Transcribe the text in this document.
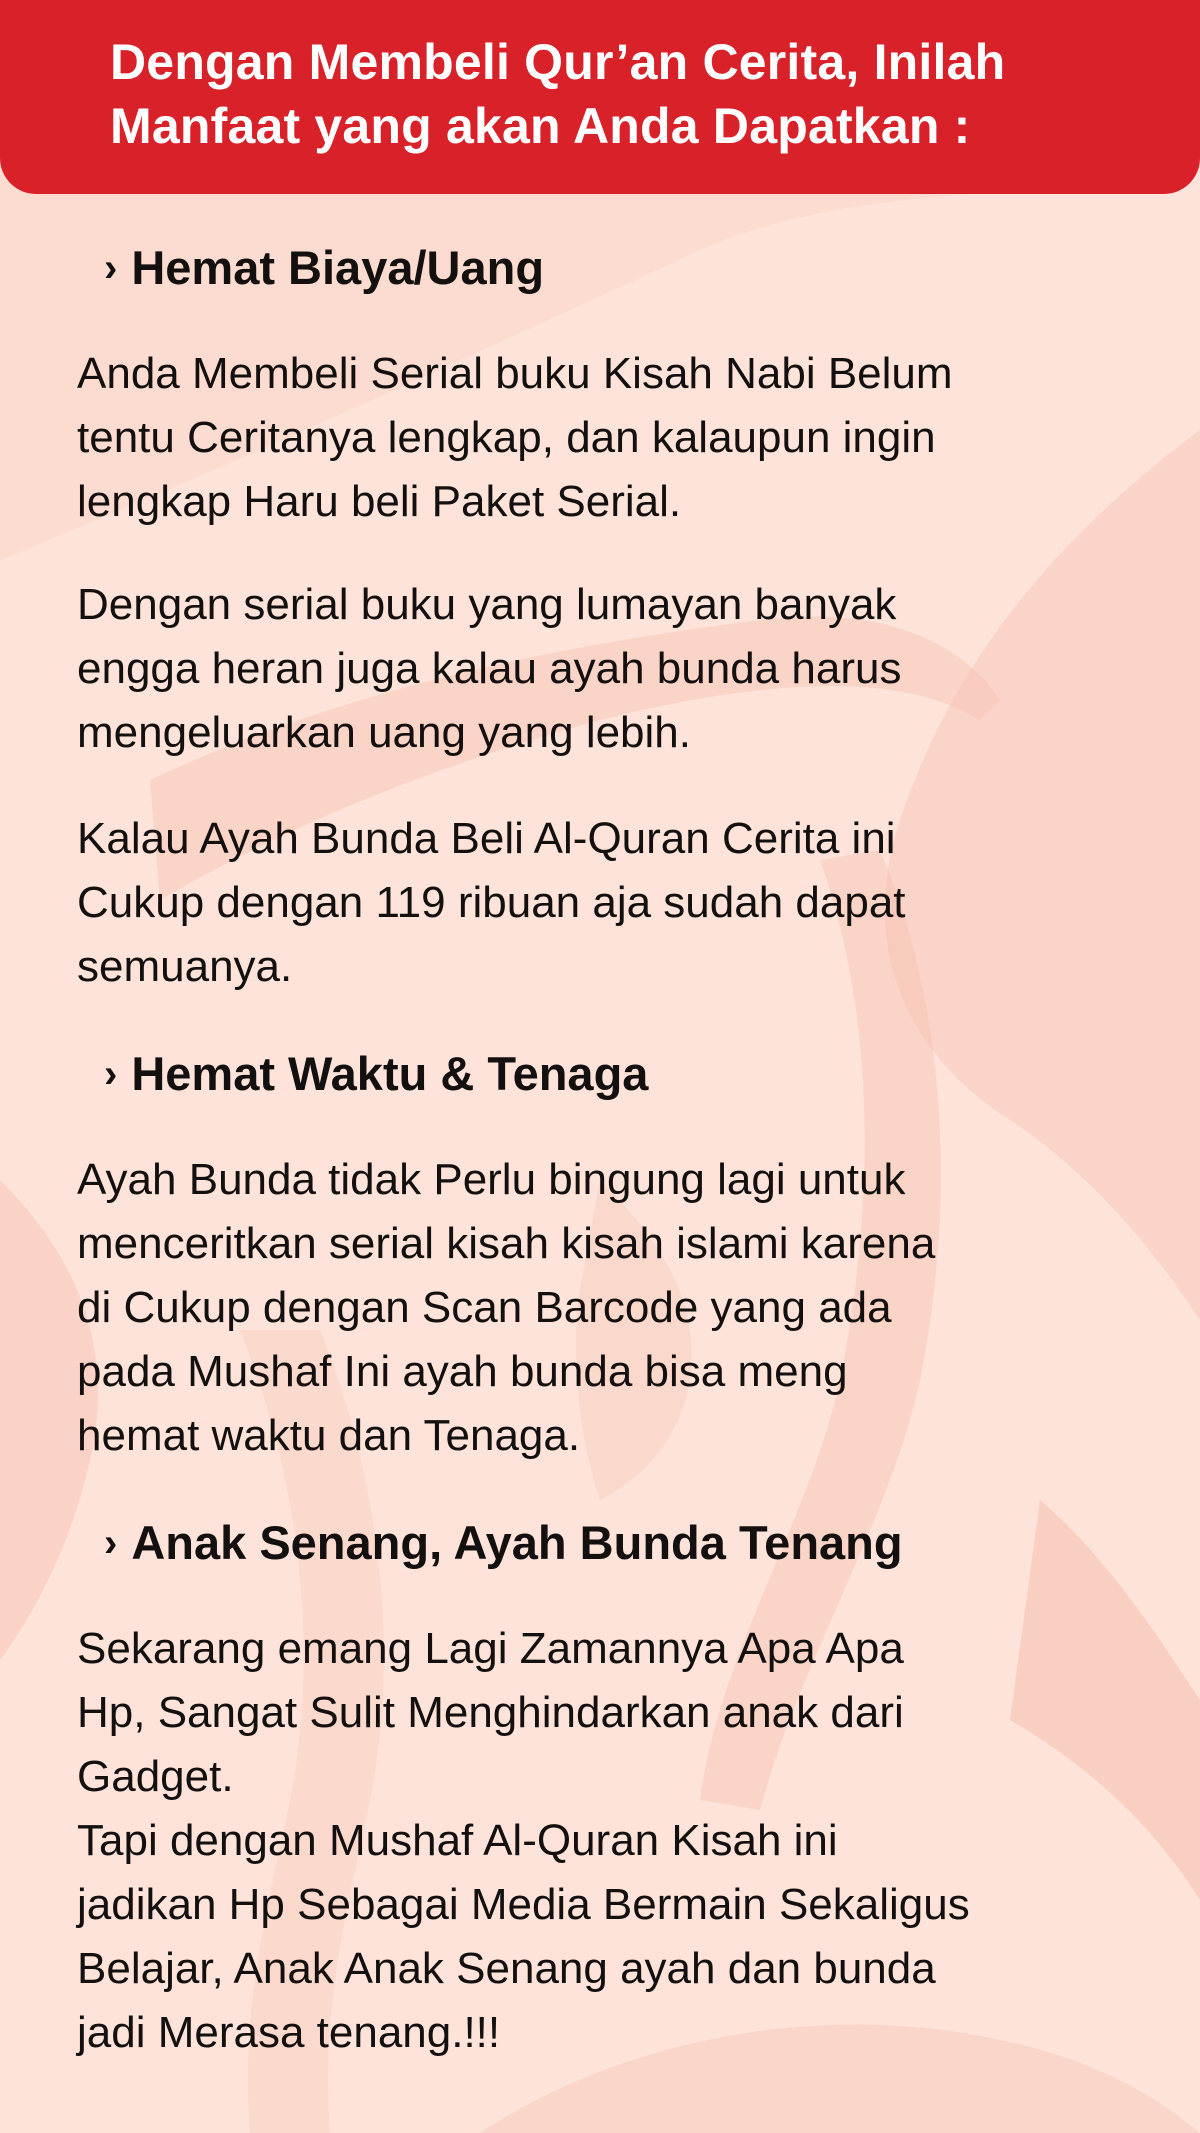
Dengan Membeli Qur’an Cerita, Inilah
Manfaat yang akan Anda Dapatkan :
› Hemat Biaya/Uang
Anda Membeli Serial buku Kisah Nabi Belum
tentu Ceritanya lengkap, dan kalaupun ingin
lengkap Haru beli Paket Serial.
Dengan serial buku yang lumayan banyak
engga heran juga kalau ayah bunda harus
mengeluarkan uang yang lebih.
Kalau Ayah Bunda Beli Al-Quran Cerita ini
Cukup dengan 119 ribuan aja sudah dapat
semuanya.
› Hemat Waktu & Tenaga
Ayah Bunda tidak Perlu bingung lagi untuk
menceritkan serial kisah kisah islami karena
di Cukup dengan Scan Barcode yang ada
pada Mushaf Ini ayah bunda bisa meng
hemat waktu dan Tenaga.
› Anak Senang, Ayah Bunda Tenang
Sekarang emang Lagi Zamannya Apa Apa
Hp, Sangat Sulit Menghindarkan anak dari
Gadget.
Tapi dengan Mushaf Al-Quran Kisah ini
jadikan Hp Sebagai Media Bermain Sekaligus
Belajar, Anak Anak Senang ayah dan bunda
jadi Merasa tenang.!!!
